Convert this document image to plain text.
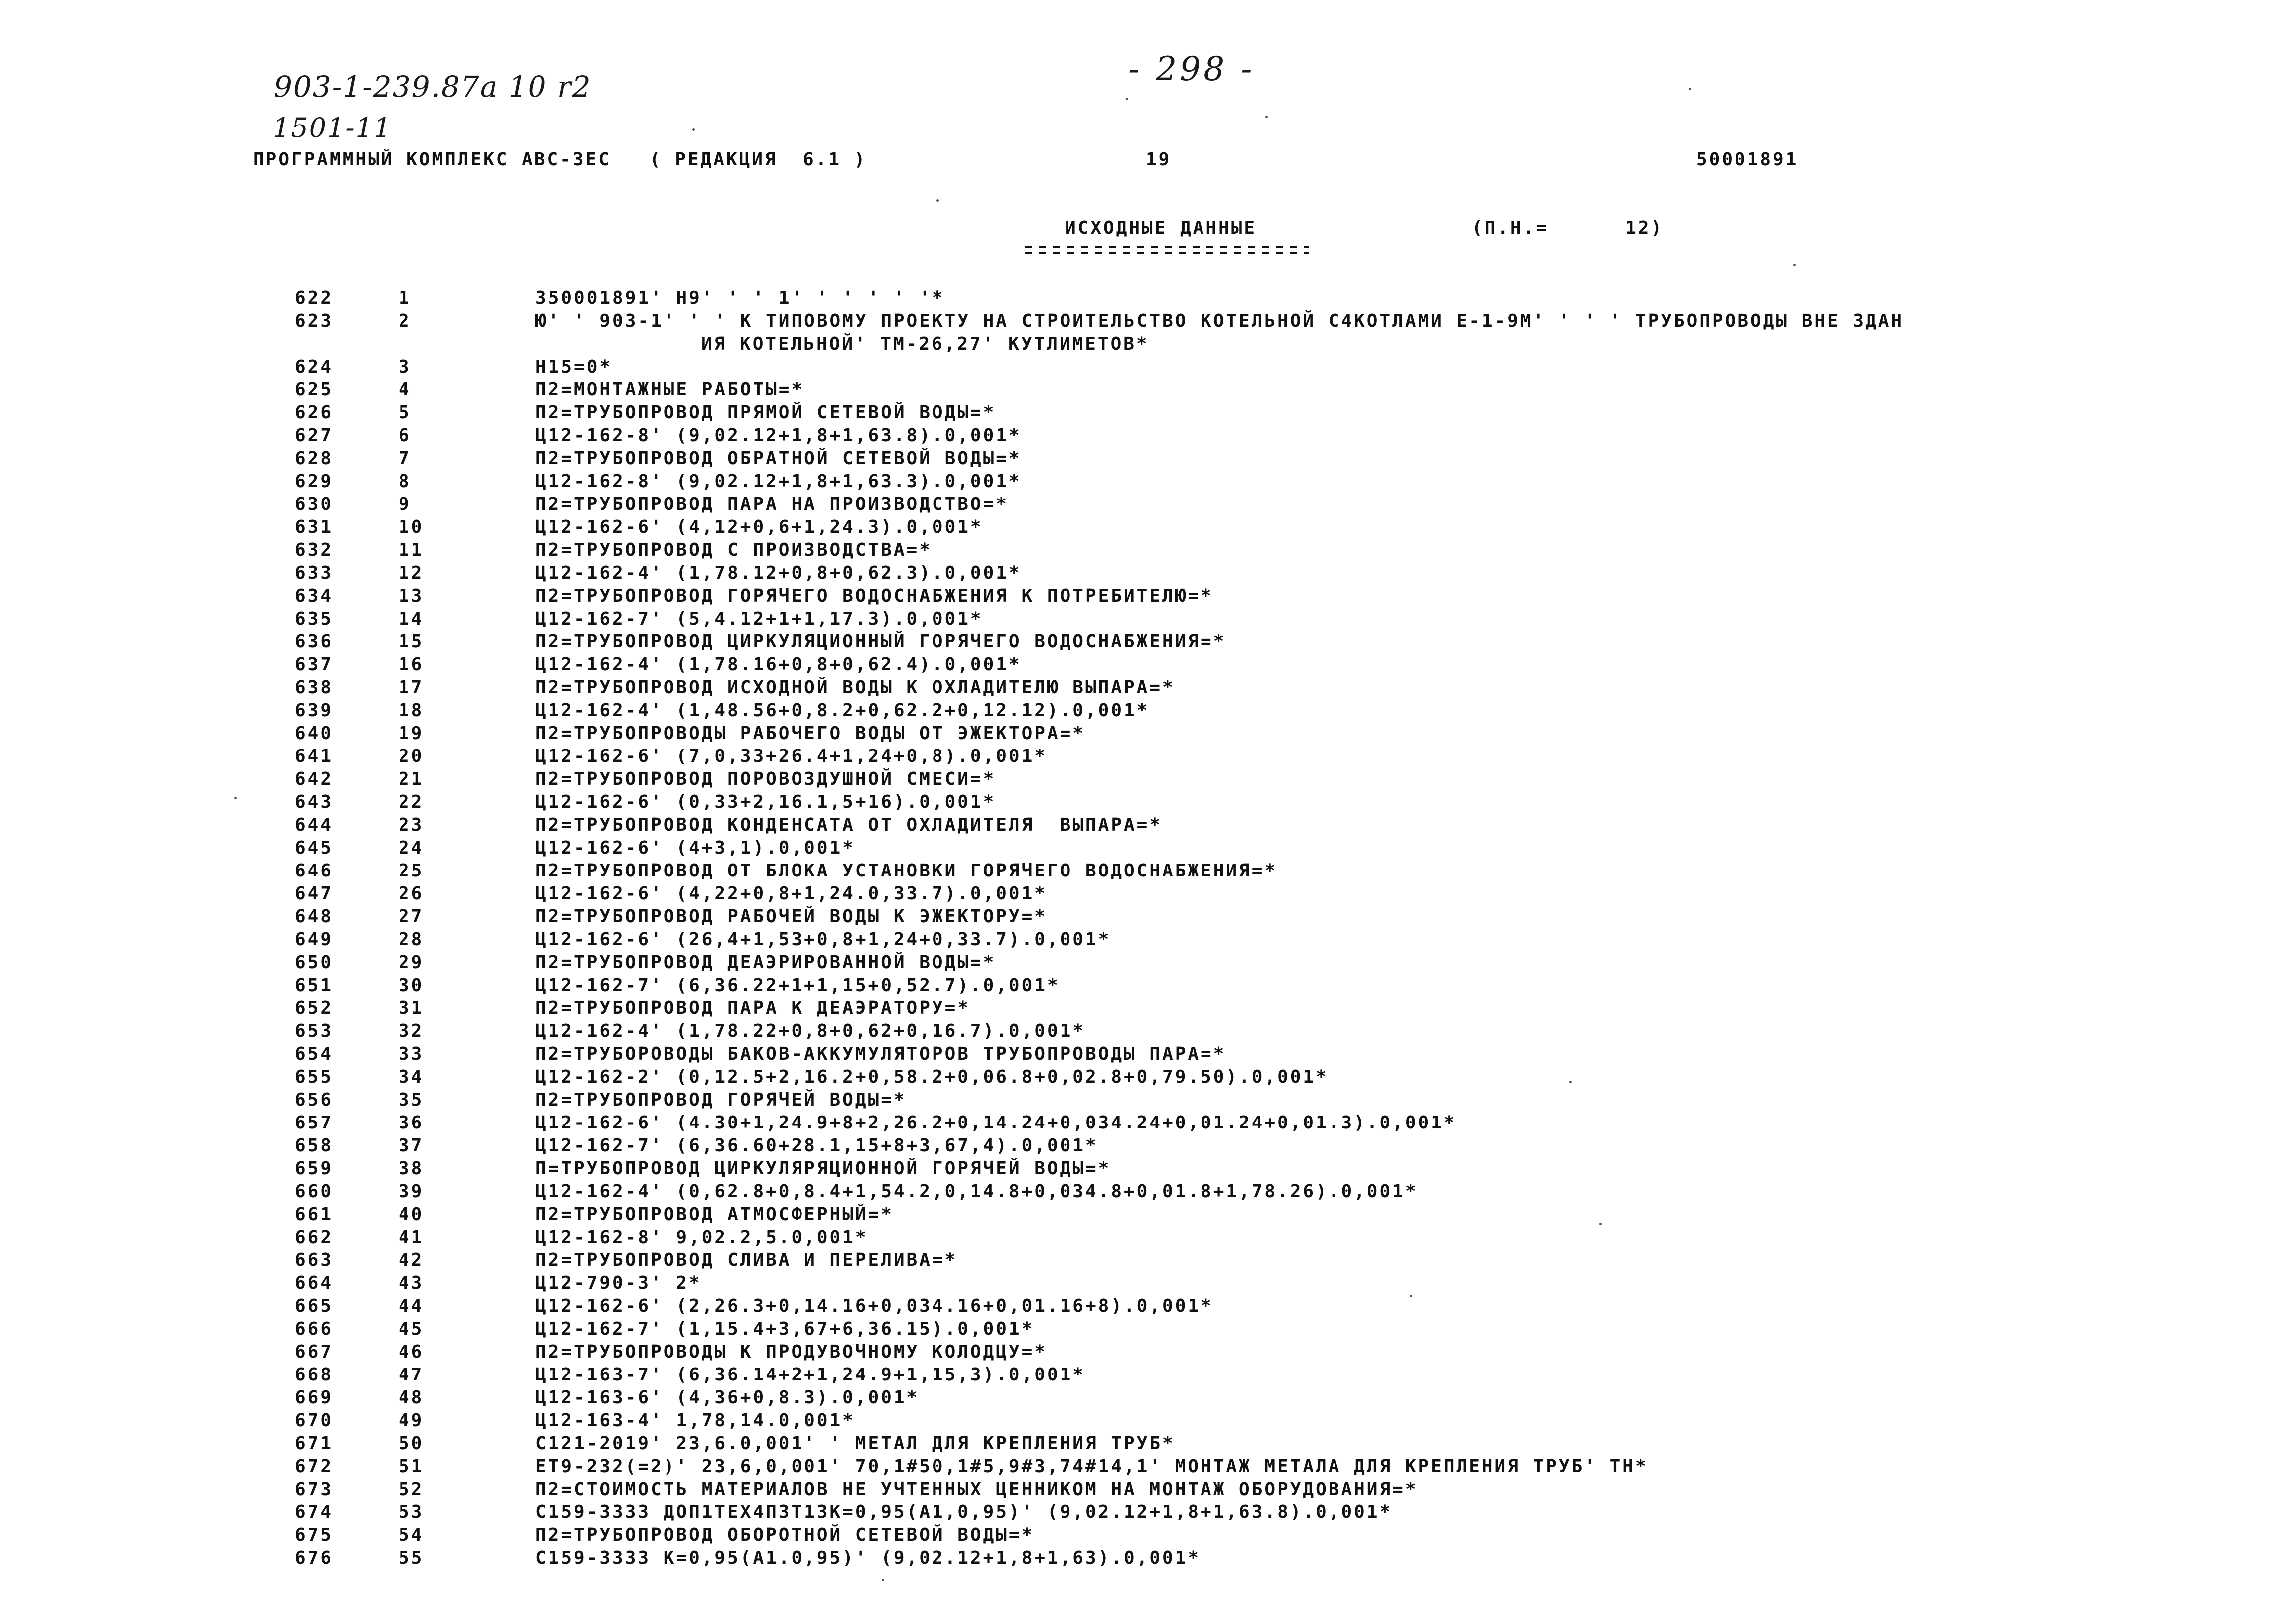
903-1-239.87a 10 r2
1501-11
- 298 -
ПРОГРАММНЫЙ КОМПЛЕКС АВС-ЗЕС   ( РЕДАКЦИЯ  6.1 )	19	50001891
ИСХОДНЫЕ ДАННЫЕ	(П.Н.=      12)
622	1	350001891' Н9' ' ' 1' ' ' ' ' '*
623	2	Ю' ' 903-1' ' ' К ТИПОВОМУ ПРОЕКТУ НА СТРОИТЕЛЬСТВО КОТЕЛЬНОЙ С4КОТЛАМИ Е-1-9М' ' ' ' ТРУБОПРОВОДЫ ВНЕ ЗДАН
ИЯ КОТЕЛЬНОЙ' ТМ-26,27' КУТЛИМЕТОВ*
624	3	Н15=0*
625	4	П2=МОНТАЖНЫЕ РАБОТЫ=*
626	5	П2=ТРУБОПРОВОД ПРЯМОЙ СЕТЕВОЙ ВОДЫ=*
627	6	Ц12-162-8' (9,02.12+1,8+1,63.8).0,001*
628	7	П2=ТРУБОПРОВОД ОБРАТНОЙ СЕТЕВОЙ ВОДЫ=*
629	8	Ц12-162-8' (9,02.12+1,8+1,63.3).0,001*
630	9	П2=ТРУБОПРОВОД ПАРА НА ПРОИЗВОДСТВО=*
631	10	Ц12-162-6' (4,12+0,6+1,24.3).0,001*
632	11	П2=ТРУБОПРОВОД С ПРОИЗВОДСТВА=*
633	12	Ц12-162-4' (1,78.12+0,8+0,62.3).0,001*
634	13	П2=ТРУБОПРОВОД ГОРЯЧЕГО ВОДОСНАБЖЕНИЯ К ПОТРЕБИТЕЛЮ=*
635	14	Ц12-162-7' (5,4.12+1+1,17.3).0,001*
636	15	П2=ТРУБОПРОВОД ЦИРКУЛЯЦИОННЫЙ ГОРЯЧЕГО ВОДОСНАБЖЕНИЯ=*
637	16	Ц12-162-4' (1,78.16+0,8+0,62.4).0,001*
638	17	П2=ТРУБОПРОВОД ИСХОДНОЙ ВОДЫ К ОХЛАДИТЕЛЮ ВЫПАРА=*
639	18	Ц12-162-4' (1,48.56+0,8.2+0,62.2+0,12.12).0,001*
640	19	П2=ТРУБОПРОВОДЫ РАБОЧЕГО ВОДЫ ОТ ЭЖЕКТОРА=*
641	20	Ц12-162-6' (7,0,33+26.4+1,24+0,8).0,001*
642	21	П2=ТРУБОПРОВОД ПОРОВОЗДУШНОЙ СМЕСИ=*
643	22	Ц12-162-6' (0,33+2,16.1,5+16).0,001*
644	23	П2=ТРУБОПРОВОД КОНДЕНСАТА ОТ ОХЛАДИТЕЛЯ  ВЫПАРА=*
645	24	Ц12-162-6' (4+3,1).0,001*
646	25	П2=ТРУБОПРОВОД ОТ БЛОКА УСТАНОВКИ ГОРЯЧЕГО ВОДОСНАБЖЕНИЯ=*
647	26	Ц12-162-6' (4,22+0,8+1,24.0,33.7).0,001*
648	27	П2=ТРУБОПРОВОД РАБОЧЕЙ ВОДЫ К ЭЖЕКТОРУ=*
649	28	Ц12-162-6' (26,4+1,53+0,8+1,24+0,33.7).0,001*
650	29	П2=ТРУБОПРОВОД ДЕАЭРИРОВАННОЙ ВОДЫ=*
651	30	Ц12-162-7' (6,36.22+1+1,15+0,52.7).0,001*
652	31	П2=ТРУБОПРОВОД ПАРА К ДЕАЭРАТОРУ=*
653	32	Ц12-162-4' (1,78.22+0,8+0,62+0,16.7).0,001*
654	33	П2=ТРУБОРОВОДЫ БАКОВ-АККУМУЛЯТОРОВ ТРУБОПРОВОДЫ ПАРА=*
655	34	Ц12-162-2' (0,12.5+2,16.2+0,58.2+0,06.8+0,02.8+0,79.50).0,001*
656	35	П2=ТРУБОПРОВОД ГОРЯЧЕЙ ВОДЫ=*
657	36	Ц12-162-6' (4.30+1,24.9+8+2,26.2+0,14.24+0,034.24+0,01.24+0,01.3).0,001*
658	37	Ц12-162-7' (6,36.60+28.1,15+8+3,67,4).0,001*
659	38	П=ТРУБОПРОВОД ЦИРКУЛЯРЯЦИОННОЙ ГОРЯЧЕЙ ВОДЫ=*
660	39	Ц12-162-4' (0,62.8+0,8.4+1,54.2,0,14.8+0,034.8+0,01.8+1,78.26).0,001*
661	40	П2=ТРУБОПРОВОД АТМОСФЕРНЫЙ=*
662	41	Ц12-162-8' 9,02.2,5.0,001*
663	42	П2=ТРУБОПРОВОД СЛИВА И ПЕРЕЛИВА=*
664	43	Ц12-790-3' 2*
665	44	Ц12-162-6' (2,26.3+0,14.16+0,034.16+0,01.16+8).0,001*
666	45	Ц12-162-7' (1,15.4+3,67+6,36.15).0,001*
667	46	П2=ТРУБОПРОВОДЫ К ПРОДУВОЧНОМУ КОЛОДЦУ=*
668	47	Ц12-163-7' (6,36.14+2+1,24.9+1,15,3).0,001*
669	48	Ц12-163-6' (4,36+0,8.3).0,001*
670	49	Ц12-163-4' 1,78,14.0,001*
671	50	С121-2019' 23,6.0,001' ' МЕТАЛ ДЛЯ КРЕПЛЕНИЯ ТРУБ*
672	51	ЕТ9-232(=2)' 23,6,0,001' 70,1#50,1#5,9#3,74#14,1' МОНТАЖ МЕТАЛА ДЛЯ КРЕПЛЕНИЯ ТРУБ' ТН*
673	52	П2=СТОИМОСТЬ МАТЕРИАЛОВ НЕ УЧТЕННЫХ ЦЕННИКОМ НА МОНТАЖ ОБОРУДОВАНИЯ=*
674	53	С159-3333 ДОП1ТЕХ4П3Т13К=0,95(А1,0,95)' (9,02.12+1,8+1,63.8).0,001*
675	54	П2=ТРУБОПРОВОД ОБОРОТНОЙ СЕТЕВОЙ ВОДЫ=*
676	55	С159-3333 К=0,95(А1.0,95)' (9,02.12+1,8+1,63).0,001*
